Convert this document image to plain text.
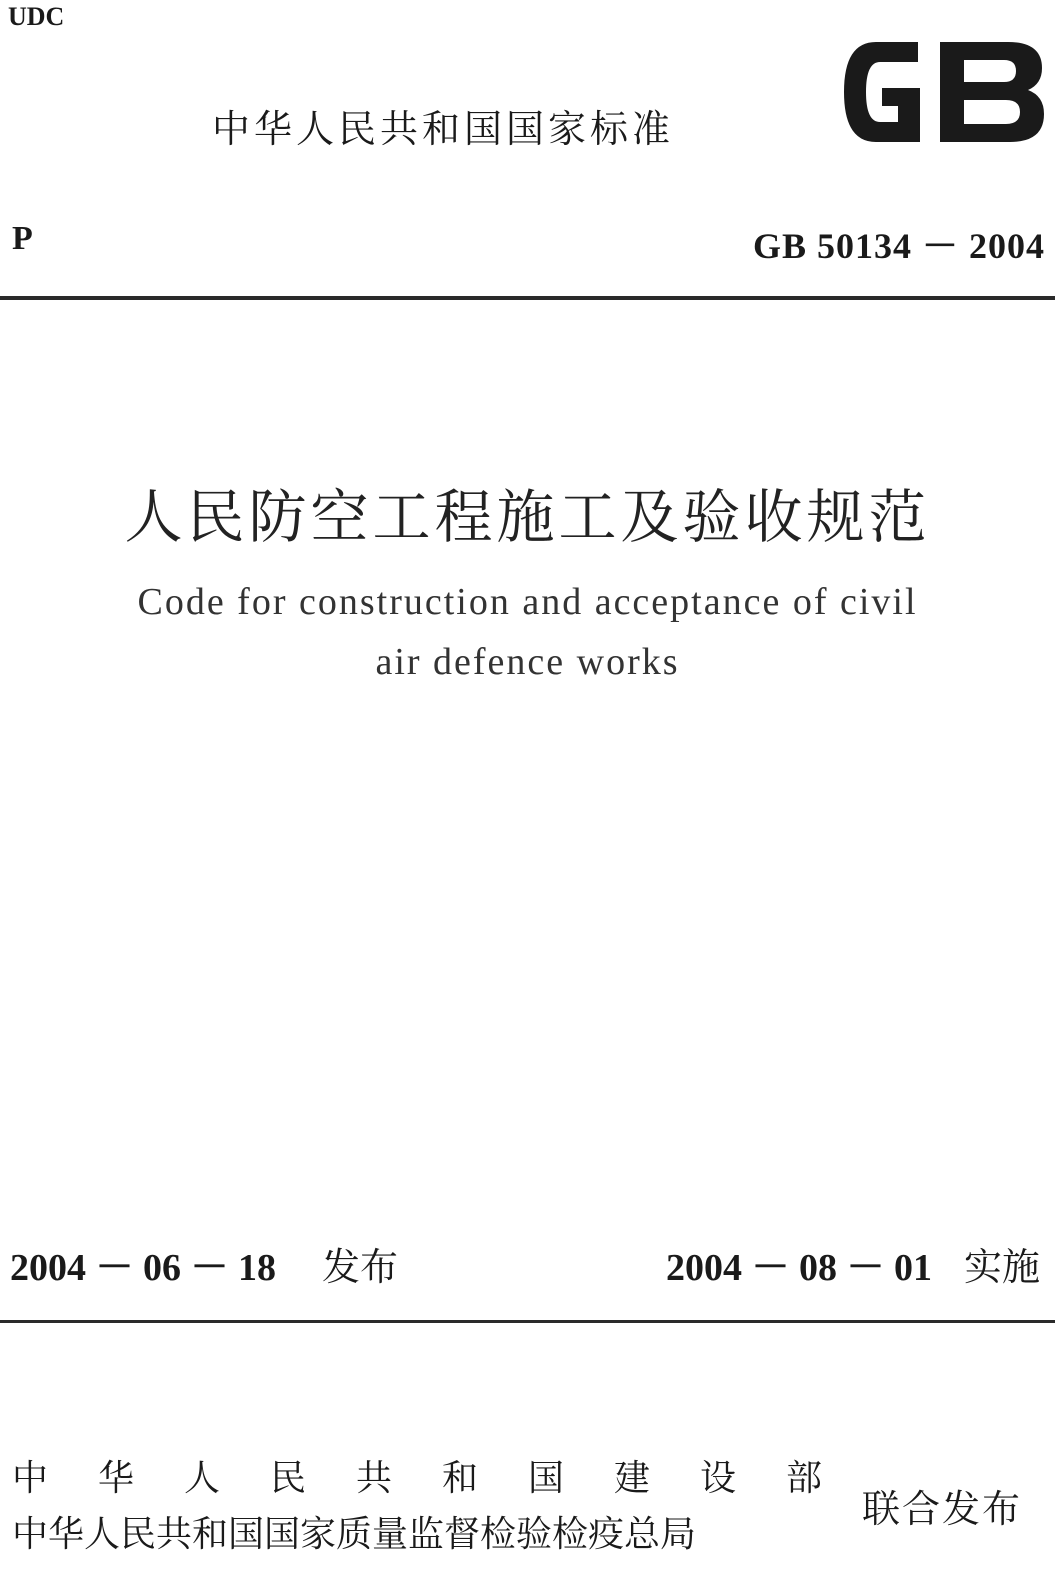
UDC
中华人民共和国国家标准
P	GB 50134 － 2004
人民防空工程施工及验收规范
Code for construction and acceptance of civil
air defence works
2004 － 06 － 18 发布	2004 － 08 － 01 实施
中 华 人 民 共 和 国 建 设 部
中华人民共和国国家质量监督检验检疫总局
联合发布
